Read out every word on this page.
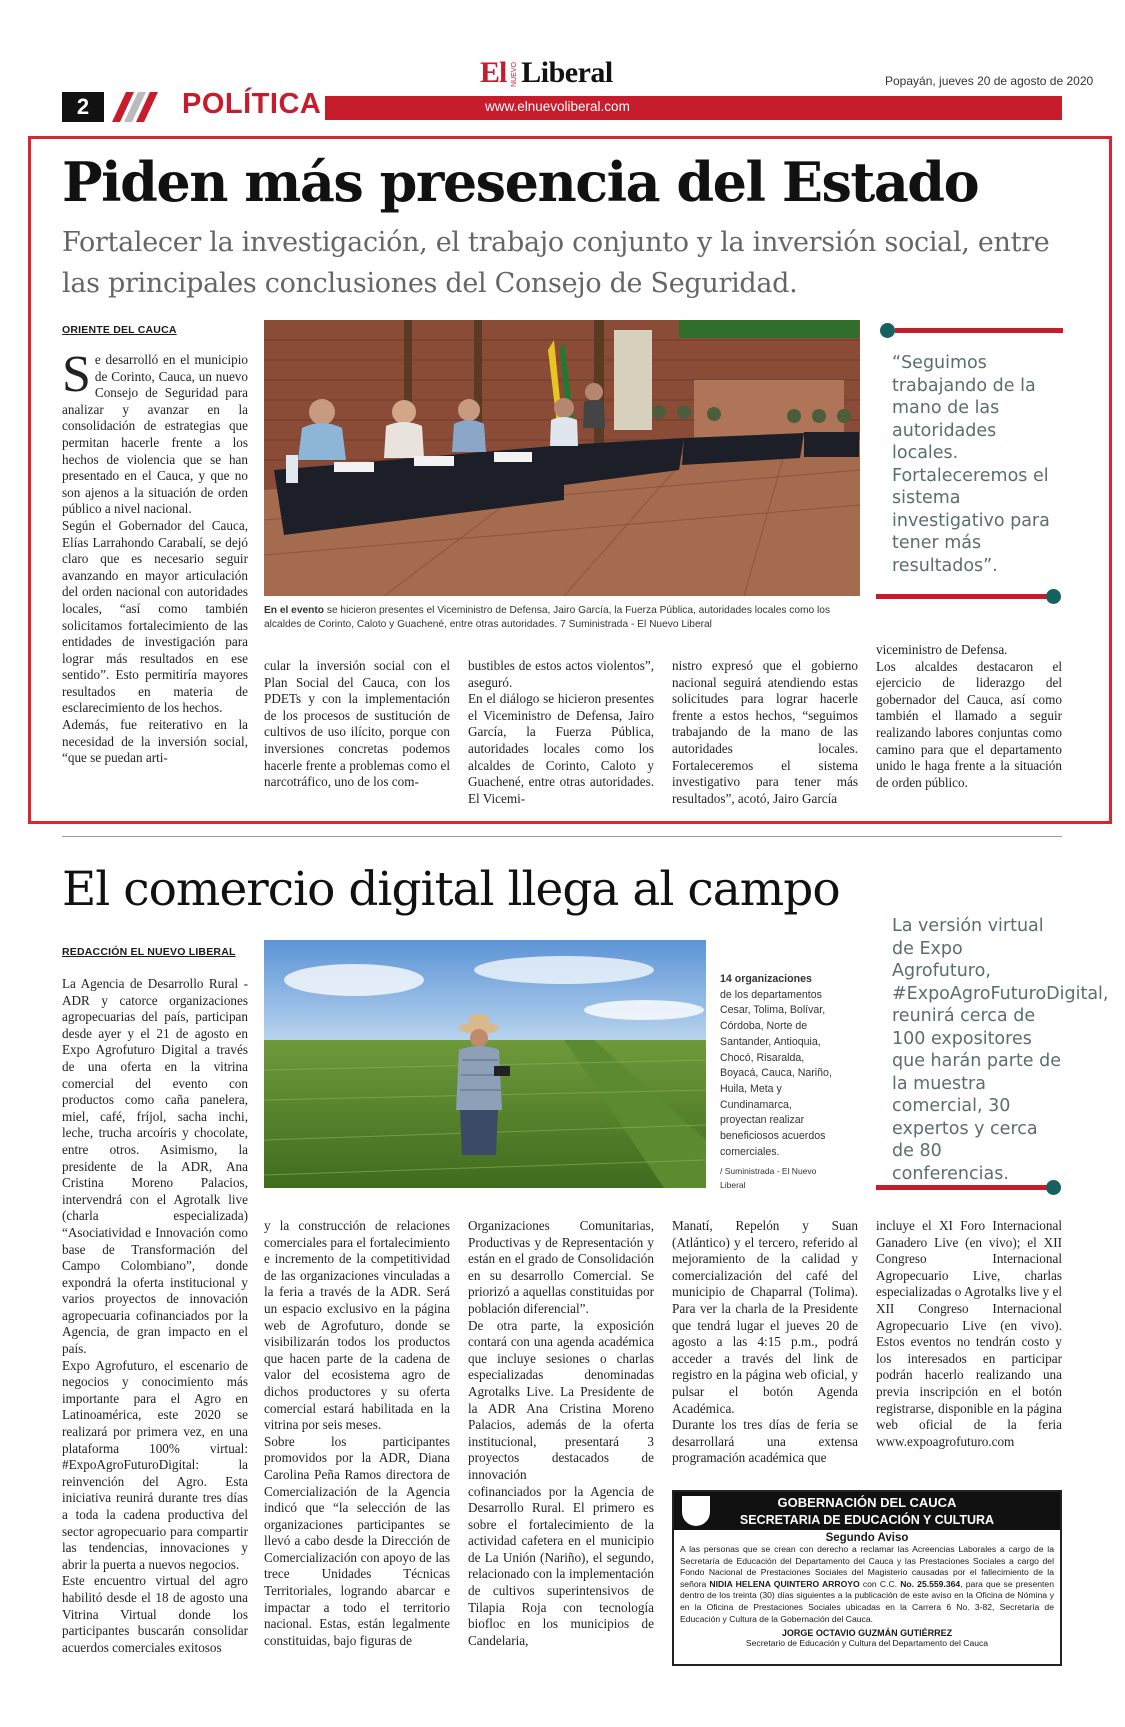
2	POLÍTICA	www.elnuevoliberal.com
El NUEVOLiberal	Popayán, jueves 20 de agosto de 2020
Piden más presencia del Estado
Fortalecer la investigación, el trabajo conjunto y la inversión social, entre las principales conclusiones del Consejo de Seguridad.
ORIENTE DEL CAUCA
Se desarrolló en el municipio de Corinto, Cauca, un nuevo Consejo de Seguridad para analizar y avanzar en la consolidación de estrategias que permitan hacerle frente a los hechos de violencia que se han presentado en el Cauca, y que no son ajenos a la situación de orden público a nivel nacional.
Según el Gobernador del Cauca, Elías Larrahondo Carabalí, se dejó claro que es necesario seguir avanzando en mayor articulación del orden nacional con autoridades locales, “así como también solicitamos fortalecimiento de las entidades de investigación para lograr más resultados en ese sentido”. Esto permitiría mayores resultados en materia de esclarecimiento de los hechos.
Además, fue reiterativo en la necesidad de la inversión social, “que se puedan arti-
En el evento se hicieron presentes el Viceministro de Defensa, Jairo García, la Fuerza Pública, autoridades locales como los alcaldes de Corinto, Caloto y Guachené, entre otras autoridades. 7 Suministrada - El Nuevo Liberal
cular la inversión social con el Plan Social del Cauca, con los PDETs y con la implementación de los procesos de sustitución de cultivos de uso ilícito, porque con inversiones concretas podemos hacerle frente a problemas como el narcotráfico, uno de los com-
bustibles de estos actos violentos”, aseguró.
En el diálogo se hicieron presentes el Viceministro de Defensa, Jairo García, la Fuerza Pública, autoridades locales como los alcaldes de Corinto, Caloto y Guachené, entre otras autoridades. El Vicemi-
nistro expresó que el gobierno nacional seguirá atendiendo estas solicitudes para lograr hacerle frente a estos hechos, “seguimos trabajando de la mano de las autoridades locales. Fortaleceremos el sistema investigativo para tener más resultados”, acotó, Jairo García
viceministro de Defensa.
Los alcaldes destacaron el ejercicio de liderazgo del gobernador del Cauca, así como también el llamado a seguir realizando labores conjuntas como camino para que el departamento unido le haga frente a la situación de orden público.
“Seguimos trabajando de la mano de las autoridades locales. Fortaleceremos el sistema investigativo para tener más resultados”.
El comercio digital llega al campo
La versión virtual de Expo Agrofuturo, #ExpoAgroFuturoDigital, reunirá cerca de 100 expositores que harán parte de la muestra comercial, 30 expertos y cerca de 80 conferencias.
REDACCIÓN EL NUEVO LIBERAL
La Agencia de Desarrollo Rural - ADR y catorce organizaciones agropecuarias del país, participan desde ayer y el 21 de agosto en Expo Agrofuturo Digital a través de una oferta en la vitrina comercial del evento con productos como caña panelera, miel, café, fríjol, sacha inchi, leche, trucha arcoíris y chocolate, entre otros. Asimismo, la presidente de la ADR, Ana Cristina Moreno Palacios, intervendrá con el Agrotalk live (charla especializada) “Asociatividad e Innovación como base de Transformación del Campo Colombiano”, donde expondrá la oferta institucional y varios proyectos de innovación agropecuaria cofinanciados por la Agencia, de gran impacto en el país.
Expo Agrofuturo, el escenario de negocios y conocimiento más importante para el Agro en Latinoamérica, este 2020 se realizará por primera vez, en una plataforma 100% virtual: #ExpoAgroFuturoDigital: la reinvención del Agro. Esta iniciativa reunirá durante tres días a toda la cadena productiva del sector agropecuario para compartir las tendencias, innovaciones y abrir la puerta a nuevos negocios.
Este encuentro virtual del agro habilitó desde el 18 de agosto una Vitrina Virtual donde los participantes buscarán consolidar acuerdos comerciales exitosos
14 organizaciones
de los departamentos Cesar, Tolima, Bolívar, Córdoba, Norte de Santander, Antioquia, Chocó, Risaralda, Boyacá, Cauca, Nariño, Huila, Meta y Cundinamarca, proyectan realizar beneficiosos acuerdos comerciales.
/ Suministrada - El Nuevo Liberal
y la construcción de relaciones comerciales para el fortalecimiento e incremento de la competitividad de las organizaciones vinculadas a la feria a través de la ADR. Será un espacio exclusivo en la página web de Agrofuturo, donde se visibilizarán todos los productos que hacen parte de la cadena de valor del ecosistema agro de dichos productores y su oferta comercial estará habilitada en la vitrina por seis meses.
Sobre los participantes promovidos por la ADR, Diana Carolina Peña Ramos directora de Comercialización de la Agencia indicó que “la selección de las organizaciones participantes se llevó a cabo desde la Dirección de Comercialización con apoyo de las trece Unidades Técnicas Territoriales, logrando abarcar e impactar a todo el territorio nacional. Estas, están legalmente constituidas, bajo figuras de
Organizaciones Comunitarias, Productivas y de Representación y están en el grado de Consolidación en su desarrollo Comercial. Se priorizó a aquellas constituidas por población diferencial”.
De otra parte, la exposición contará con una agenda académica que incluye sesiones o charlas especializadas denominadas Agrotalks Live. La Presidente de la ADR Ana Cristina Moreno Palacios, además de la oferta institucional, presentará 3 proyectos destacados de innovación
cofinanciados por la Agencia de Desarrollo Rural. El primero es sobre el fortalecimiento de la actividad cafetera en el municipio de La Unión (Nariño), el segundo, relacionado con la implementación de cultivos superintensivos de Tilapia Roja con tecnología biofloc en los municipios de Candelaria,
Manatí, Repelón y Suan (Atlántico) y el tercero, referido al mejoramiento de la calidad y comercialización del café del municipio de Chaparral (Tolima). Para ver la charla de la Presidente que tendrá lugar el jueves 20 de agosto a las 4:15 p.m., podrá acceder a través del link de registro en la página web oficial, y pulsar el botón Agenda Académica.
Durante los tres días de feria se desarrollará una extensa programación académica que
incluye el XI Foro Internacional Ganadero Live (en vivo); el XII Congreso Internacional Agropecuario Live, charlas especializadas o Agrotalks live y el XII Congreso Internacional Agropecuario Live (en vivo). Estos eventos no tendrán costo y los interesados en participar podrán hacerlo realizando una previa inscripción en el botón registrarse, disponible en la página web oficial de la feria www.expoagrofuturo.com
GOBERNACIÓN DEL CAUCA
SECRETARIA DE EDUCACIÓN Y CULTURA
Segundo Aviso
A las personas que se crean con derecho a reclamar las Acreencias Laborales a cargo de la Secretaría de Educación del Departamento del Cauca y las Prestaciones Sociales a cargo del Fondo Nacional de Prestaciones Sociales del Magisterio causadas por el fallecimiento de la señora NIDIA HELENA QUINTERO ARROYO con C.C. No. 25.559.364, para que se presenten dentro de los treinta (30) días siguientes a la publicación de este aviso en la Oficina de Nómina y en la Oficina de Prestaciones Sociales ubicadas en la Carrera 6 No. 3-82, Secretaría de Educación y Cultura de la Gobernación del Cauca.
JORGE OCTAVIO GUZMÁN GUTIÉRREZ
Secretario de Educación y Cultura del Departamento del Cauca
